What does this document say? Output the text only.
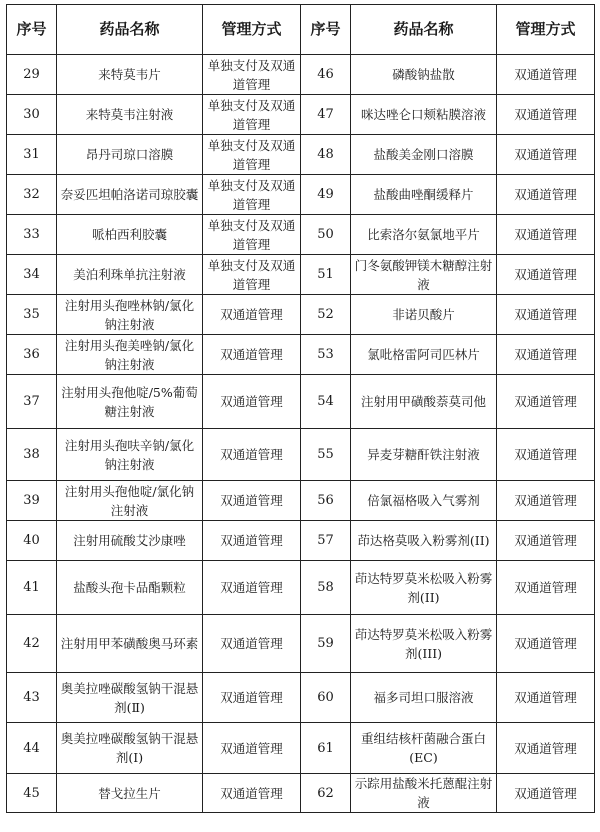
序号	药品名称	管理方式	序号	药品名称	管理方式
29	来特莫韦片	单独支付及双通道管理	46	磷酸钠盐散	双通道管理
30	来特莫韦注射液	单独支付及双通道管理	47	咪达唑仑口颊粘膜溶液	双通道管理
31	昂丹司琼口溶膜	单独支付及双通道管理	48	盐酸美金刚口溶膜	双通道管理
32	奈妥匹坦帕洛诺司琼胶囊	单独支付及双通道管理	49	盐酸曲唑酮缓释片	双通道管理
33	哌柏西利胶囊	单独支付及双通道管理	50	比索洛尔氨氯地平片	双通道管理
34	美泊利珠单抗注射液	单独支付及双通道管理	51	门冬氨酸钾镁木糖醇注射液	双通道管理
35	注射用头孢唑林钠/氯化钠注射液	双通道管理	52	非诺贝酸片	双通道管理
36	注射用头孢美唑钠/氯化钠注射液	双通道管理	53	氯吡格雷阿司匹林片	双通道管理
37	注射用头孢他啶/5%葡萄糖注射液	双通道管理	54	注射用甲磺酸萘莫司他	双通道管理
38	注射用头孢呋辛钠/氯化钠注射液	双通道管理	55	异麦芽糖酐铁注射液	双通道管理
39	注射用头孢他啶/氯化钠注射液	双通道管理	56	倍氯福格吸入气雾剂	双通道管理
40	注射用硫酸艾沙康唑	双通道管理	57	茚达格莫吸入粉雾剂(II)	双通道管理
41	盐酸头孢卡品酯颗粒	双通道管理	58	茚达特罗莫米松吸入粉雾剂(II)	双通道管理
42	注射用甲苯磺酸奥马环素	双通道管理	59	茚达特罗莫米松吸入粉雾剂(III)	双通道管理
43	奥美拉唑碳酸氢钠干混悬剂(Ⅱ)	双通道管理	60	福多司坦口服溶液	双通道管理
44	奥美拉唑碳酸氢钠干混悬剂(I)	双通道管理	61	重组结核杆菌融合蛋白(EC)	双通道管理
45	替戈拉生片	双通道管理	62	示踪用盐酸米托蒽醌注射液	双通道管理
